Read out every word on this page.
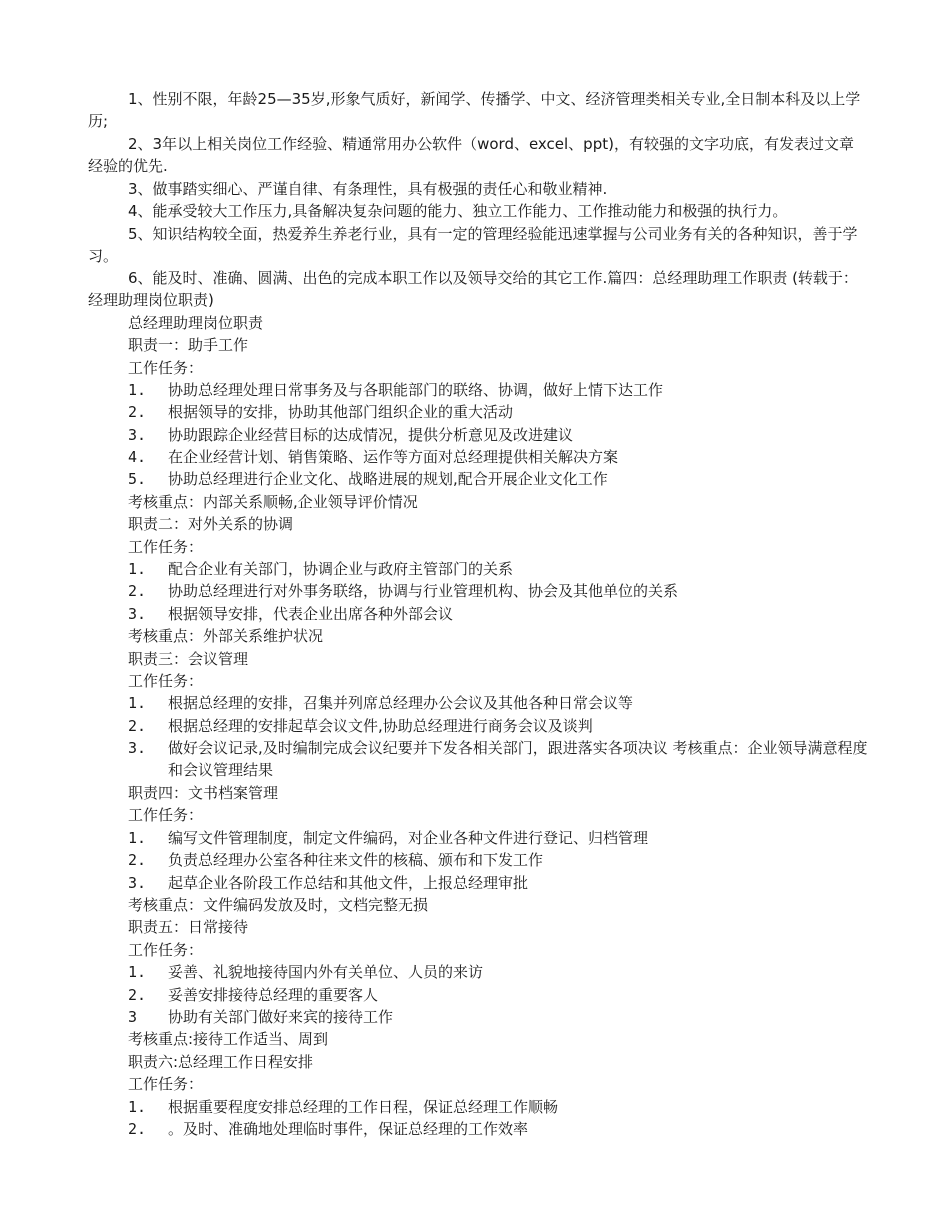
1、性别不限，年龄25—35岁,形象气质好，新闻学、传播学、中文、经济管理类相关专业,全日制本科及以上学历;

2、3年以上相关岗位工作经验、精通常用办公软件（word、excel、ppt)，有较强的文字功底，有发表过文章经验的优先.

3、做事踏实细心、严谨自律、有条理性，具有极强的责任心和敬业精神.

4、能承受较大工作压力,具备解决复杂问题的能力、独立工作能力、工作推动能力和极强的执行力。

5、知识结构较全面，热爱养生养老行业，具有一定的管理经验能迅速掌握与公司业务有关的各种知识，善于学习。

6、能及时、准确、圆满、出色的完成本职工作以及领导交给的其它工作.篇四：总经理助理工作职责 (转载于：经理助理岗位职责)

总经理助理岗位职责

职责一：助手工作

工作任务：

1.	协助总经理处理日常事务及与各职能部门的联络、协调，做好上情下达工作
2.	根据领导的安排，协助其他部门组织企业的重大活动
3.	协助跟踪企业经营目标的达成情况，提供分析意见及改进建议
4.	在企业经营计划、销售策略、运作等方面对总经理提供相关解决方案
5.	协助总经理进行企业文化、战略进展的规划,配合开展企业文化工作

考核重点：内部关系顺畅,企业领导评价情况

职责二：对外关系的协调

工作任务：

1.	配合企业有关部门，协调企业与政府主管部门的关系
2.	协助总经理进行对外事务联络，协调与行业管理机构、协会及其他单位的关系
3.	根据领导安排，代表企业出席各种外部会议

考核重点：外部关系维护状况

职责三：会议管理

工作任务：

1.	根据总经理的安排，召集并列席总经理办公会议及其他各种日常会议等
2.	根据总经理的安排起草会议文件,协助总经理进行商务会议及谈判
3.	做好会议记录,及时编制完成会议纪要并下发各相关部门，跟进落实各项决议 考核重点：企业领导满意程度和会议管理结果

职责四：文书档案管理

工作任务：

1.	编写文件管理制度，制定文件编码，对企业各种文件进行登记、归档管理
2.	负责总经理办公室各种往来文件的核稿、颁布和下发工作
3.	起草企业各阶段工作总结和其他文件，上报总经理审批

考核重点：文件编码发放及时，文档完整无损

职责五：日常接待

工作任务：

1.	妥善、礼貌地接待国内外有关单位、人员的来访
2.	妥善安排接待总经理的重要客人
3	协助有关部门做好来宾的接待工作

考核重点:接待工作适当、周到

职责六:总经理工作日程安排

工作任务：

1.	根据重要程度安排总经理的工作日程，保证总经理工作顺畅
2.	。及时、准确地处理临时事件，保证总经理的工作效率
